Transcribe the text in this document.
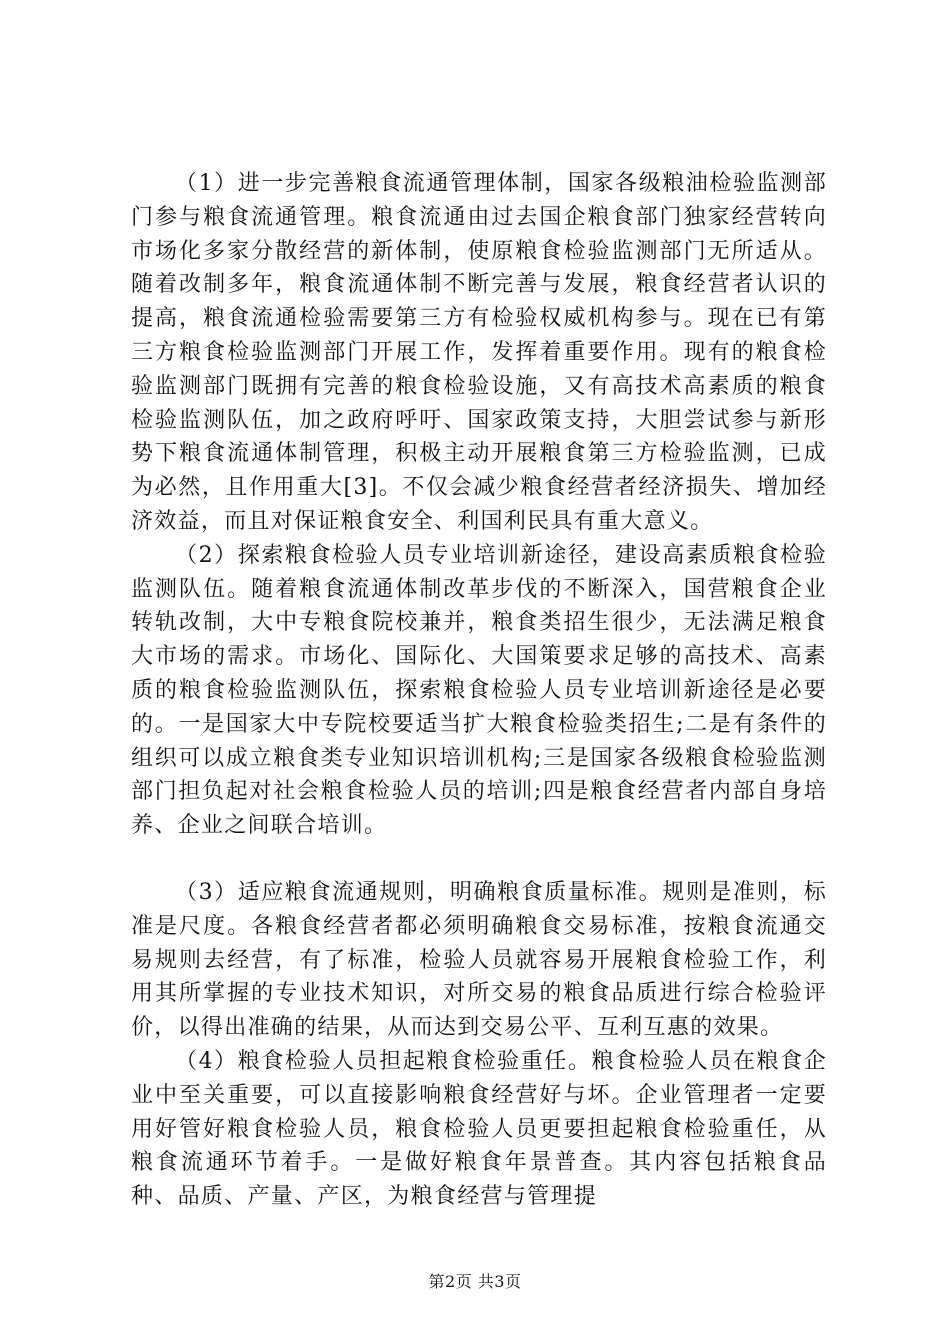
（1）进一步完善粮食流通管理体制，国家各级粮油检验监测部门参与粮食流通管理。粮食流通由过去国企粮食部门独家经营转向市场化多家分散经营的新体制，使原粮食检验监测部门无所适从。随着改制多年，粮食流通体制不断完善与发展，粮食经营者认识的提高，粮食流通检验需要第三方有检验权威机构参与。现在已有第三方粮食检验监测部门开展工作，发挥着重要作用。现有的粮食检验监测部门既拥有完善的粮食检验设施，又有高技术高素质的粮食检验监测队伍，加之政府呼吁、国家政策支持，大胆尝试参与新形势下粮食流通体制管理，积极主动开展粮食第三方检验监测，已成为必然，且作用重大[3]。不仅会减少粮食经营者经济损失、增加经济效益，而且对保证粮食安全、利国利民具有重大意义。

（2）探索粮食检验人员专业培训新途径，建设高素质粮食检验监测队伍。随着粮食流通体制改革步伐的不断深入，国营粮食企业转轨改制，大中专粮食院校兼并，粮食类招生很少，无法满足粮食大市场的需求。市场化、国际化、大国策要求足够的高技术、高素质的粮食检验监测队伍，探索粮食检验人员专业培训新途径是必要的。一是国家大中专院校要适当扩大粮食检验类招生;二是有条件的组织可以成立粮食类专业知识培训机构;三是国家各级粮食检验监测部门担负起对社会粮食检验人员的培训;四是粮食经营者内部自身培养、企业之间联合培训。

（3）适应粮食流通规则，明确粮食质量标准。规则是准则，标准是尺度。各粮食经营者都必须明确粮食交易标准，按粮食流通交易规则去经营，有了标准，检验人员就容易开展粮食检验工作，利用其所掌握的专业技术知识，对所交易的粮食品质进行综合检验评价，以得出准确的结果，从而达到交易公平、互利互惠的效果。

（4）粮食检验人员担起粮食检验重任。粮食检验人员在粮食企业中至关重要，可以直接影响粮食经营好与坏。企业管理者一定要用好管好粮食检验人员，粮食检验人员更要担起粮食检验重任，从粮食流通环节着手。一是做好粮食年景普查。其内容包括粮食品种、品质、产量、产区，为粮食经营与管理提

第2页 共3页
